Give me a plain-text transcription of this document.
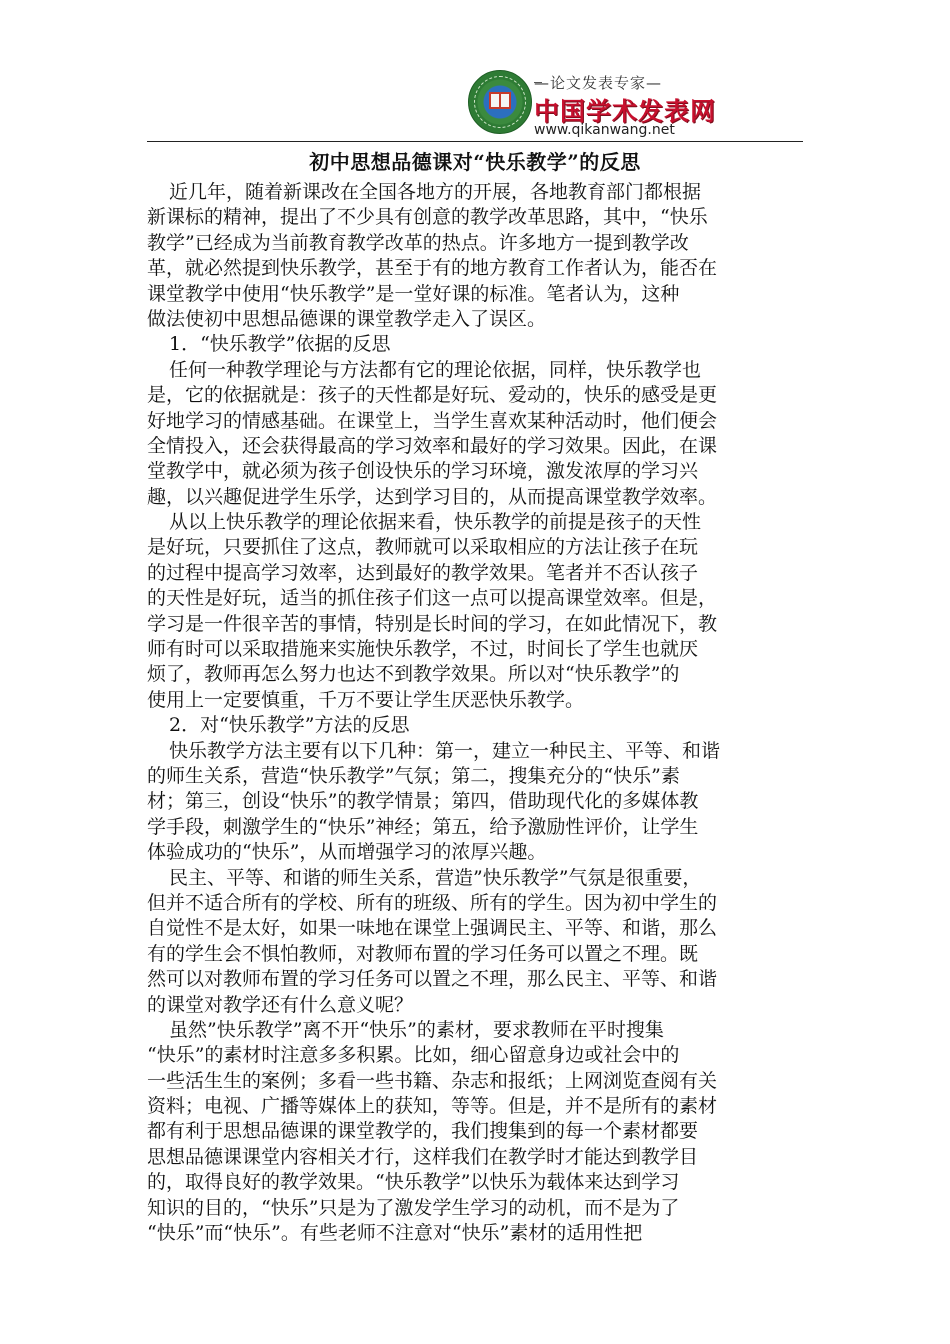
—论文发表专家—
中国学术发表网
www.qikanwang.net
初中思想品德课对“快乐教学”的反思
近几年，随着新课改在全国各地方的开展，各地教育部门都根据
新课标的精神，提出了不少具有创意的教学改革思路，其中，“快乐
教学”已经成为当前教育教学改革的热点。许多地方一提到教学改
革，就必然提到快乐教学，甚至于有的地方教育工作者认为，能否在
课堂教学中使用“快乐教学”是一堂好课的标准。笔者认为，这种
做法使初中思想品德课的课堂教学走入了误区。
1．“快乐教学”依据的反思
任何一种教学理论与方法都有它的理论依据，同样，快乐教学也
是，它的依据就是：孩子的天性都是好玩、爱动的，快乐的感受是更
好地学习的情感基础。在课堂上，当学生喜欢某种活动时，他们便会
全情投入，还会获得最高的学习效率和最好的学习效果。因此，在课
堂教学中，就必须为孩子创设快乐的学习环境，激发浓厚的学习兴
趣，以兴趣促进学生乐学，达到学习目的，从而提高课堂教学效率。
从以上快乐教学的理论依据来看，快乐教学的前提是孩子的天性
是好玩，只要抓住了这点，教师就可以采取相应的方法让孩子在玩
的过程中提高学习效率，达到最好的教学效果。笔者并不否认孩子
的天性是好玩，适当的抓住孩子们这一点可以提高课堂效率。但是，
学习是一件很辛苦的事情，特别是长时间的学习，在如此情况下，教
师有时可以采取措施来实施快乐教学，不过，时间长了学生也就厌
烦了，教师再怎么努力也达不到教学效果。所以对“快乐教学”的
使用上一定要慎重，千万不要让学生厌恶快乐教学。
2．对“快乐教学”方法的反思
快乐教学方法主要有以下几种：第一，建立一种民主、平等、和谐
的师生关系，营造“快乐教学”气氛；第二，搜集充分的“快乐”素
材；第三，创设“快乐”的教学情景；第四，借助现代化的多媒体教
学手段，刺激学生的“快乐”神经；第五，给予激励性评价，让学生
体验成功的“快乐”，从而增强学习的浓厚兴趣。
民主、平等、和谐的师生关系，营造”快乐教学”气氛是很重要，
但并不适合所有的学校、所有的班级、所有的学生。因为初中学生的
自觉性不是太好，如果一味地在课堂上强调民主、平等、和谐，那么
有的学生会不惧怕教师，对教师布置的学习任务可以置之不理。既
然可以对教师布置的学习任务可以置之不理，那么民主、平等、和谐
的课堂对教学还有什么意义呢？
虽然”快乐教学”离不开“快乐”的素材，要求教师在平时搜集
“快乐”的素材时注意多多积累。比如，细心留意身边或社会中的
一些活生生的案例；多看一些书籍、杂志和报纸；上网浏览查阅有关
资料；电视、广播等媒体上的获知，等等。但是，并不是所有的素材
都有利于思想品德课的课堂教学的，我们搜集到的每一个素材都要
思想品德课课堂内容相关才行，这样我们在教学时才能达到教学目
的，取得良好的教学效果。“快乐教学”以快乐为载体来达到学习
知识的目的，“快乐”只是为了激发学生学习的动机，而不是为了
“快乐”而“快乐”。有些老师不注意对“快乐”素材的适用性把
